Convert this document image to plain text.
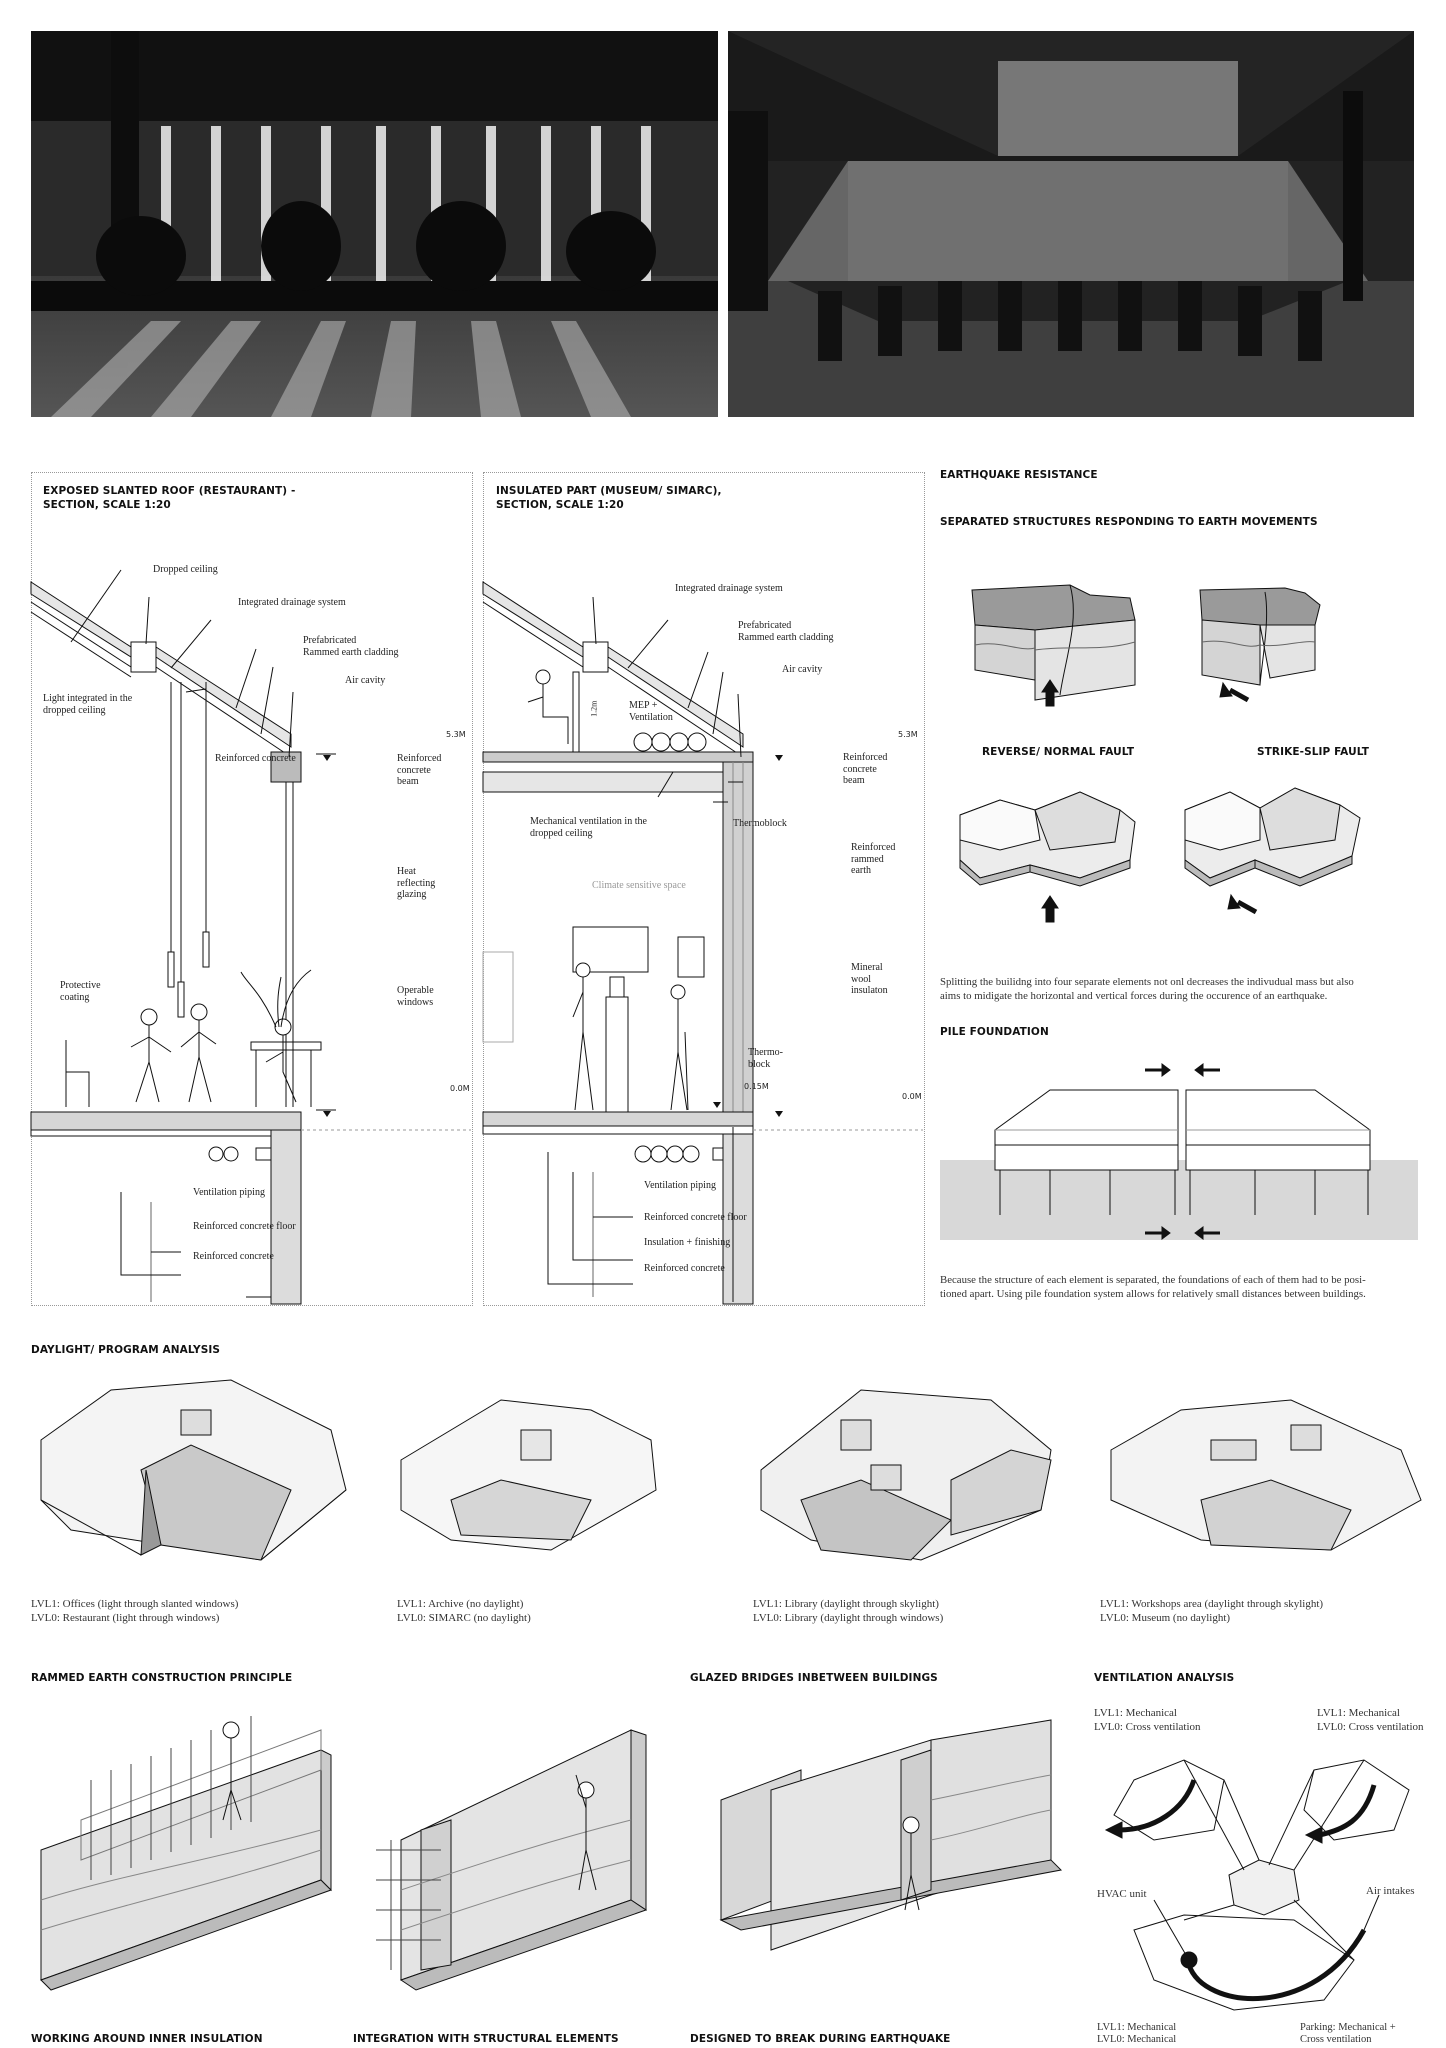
EXPOSED SLANTED ROOF (RESTAURANT) -
SECTION, SCALE 1:20
Dropped ceiling
Integrated drainage system
Prefabricated
Rammed earth cladding
Air cavity
Light integrated in the
dropped ceiling
Reinforced concrete
5.3M
Reinforced
concrete
beam
Heat
reflecting
glazing
Protective
coating
Operable
windows
0.0M
Ventilation piping
Reinforced concrete floor
Reinforced concrete
INSULATED PART (MUSEUM/ SIMARC),
SECTION, SCALE 1:20
Integrated drainage system
Prefabricated
Rammed earth cladding
Air cavity
MEP +
Ventilation
1.2m
5.3M
Reinforced
concrete
beam
Mechanical ventilation in the
dropped ceiling
Thermoblock
Reinforced
rammed
earth
Climate sensitive space
Mineral
wool
insulaton
Thermo-
block
0.15M
0.0M
Ventilation piping
Reinforced concrete floor
Insulation + finishing
Reinforced concrete
EARTHQUAKE RESISTANCE
SEPARATED STRUCTURES RESPONDING TO EARTH MOVEMENTS
REVERSE/ NORMAL FAULT	STRIKE-SLIP FAULT
Splitting the builidng into four separate elements not onl decreases the indivudual mass but also
aims to midigate the horizontal and vertical forces during the occurence of an earthquake.
PILE FOUNDATION
Because the structure of each element is separated, the foundations of each of them had to be posi-
tioned apart. Using pile foundation system allows for relatively small distances between buildings.
DAYLIGHT/ PROGRAM ANALYSIS
LVL1: Offices (light through slanted windows)
LVL0: Restaurant (light through windows)
LVL1: Archive (no daylight)
LVL0: SIMARC (no daylight)
LVL1: Library (daylight through skylight)
LVL0: Library (daylight through windows)
LVL1: Workshops area (daylight through skylight)
LVL0: Museum (no daylight)
RAMMED EARTH CONSTRUCTION PRINCIPLE	GLAZED BRIDGES INBETWEEN BUILDINGS	VENTILATION ANALYSIS
WORKING AROUND INNER INSULATION	INTEGRATION WITH STRUCTURAL ELEMENTS	DESIGNED TO BREAK DURING EARTHQUAKE
LVL1: Mechanical
LVL0: Cross ventilation
LVL1: Mechanical
LVL0: Cross ventilation
Air intakes
HVAC unit
LVL1: Mechanical
LVL0: Mechanical
Parking: Mechanical +
Cross ventilation
